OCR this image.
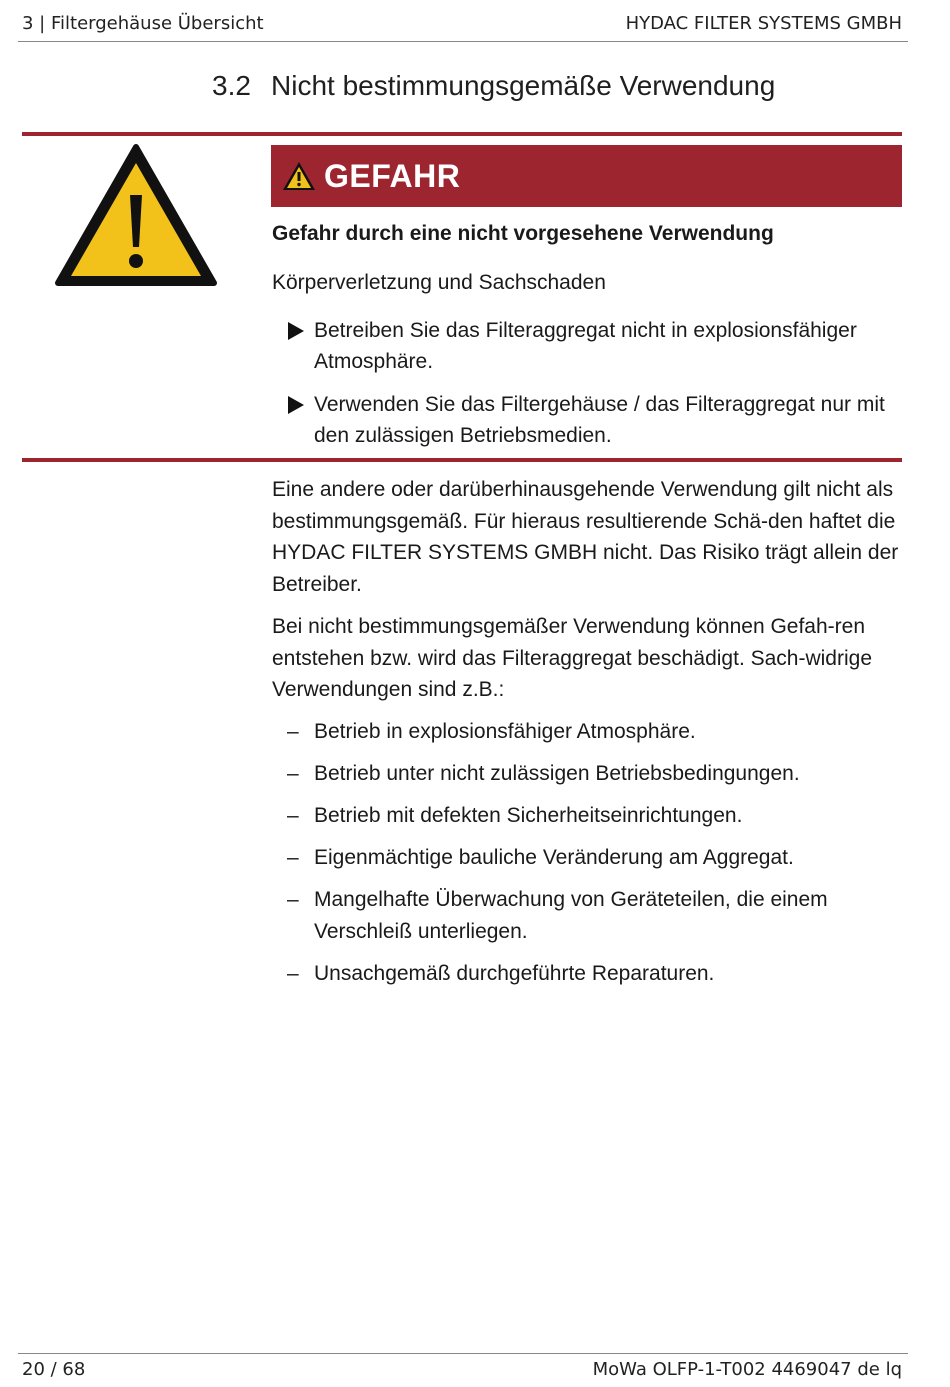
3 | Filtergehäuse Übersicht	HYDAC FILTER SYSTEMS GMBH
3.2 Nicht bestimmungsgemäße Verwendung
GEFAHR
Gefahr durch eine nicht vorgesehene Verwendung
Körperverletzung und Sachschaden
Betreiben Sie das Filteraggregat nicht in explosionsfähiger Atmosphäre.
Verwenden Sie das Filtergehäuse / das Filteraggregat nur mit den zulässigen Betriebsmedien.

Eine andere oder darüberhinausgehende Verwendung gilt nicht als bestimmungsgemäß. Für hieraus resultierende Schä-den haftet die HYDAC FILTER SYSTEMS GMBH nicht. Das Risiko trägt allein der Betreiber.

Bei nicht bestimmungsgemäßer Verwendung können Gefah-ren entstehen bzw. wird das Filteraggregat beschädigt. Sach-widrige Verwendungen sind z.B.:

– Betrieb in explosionsfähiger Atmosphäre.
– Betrieb unter nicht zulässigen Betriebsbedingungen.
– Betrieb mit defekten Sicherheitseinrichtungen.
– Eigenmächtige bauliche Veränderung am Aggregat.
– Mangelhafte Überwachung von Geräteteilen, die einem Verschleiß unterliegen.
– Unsachgemäß durchgeführte Reparaturen.
20 / 68	MoWa OLFP-1-T002 4469047 de lq
